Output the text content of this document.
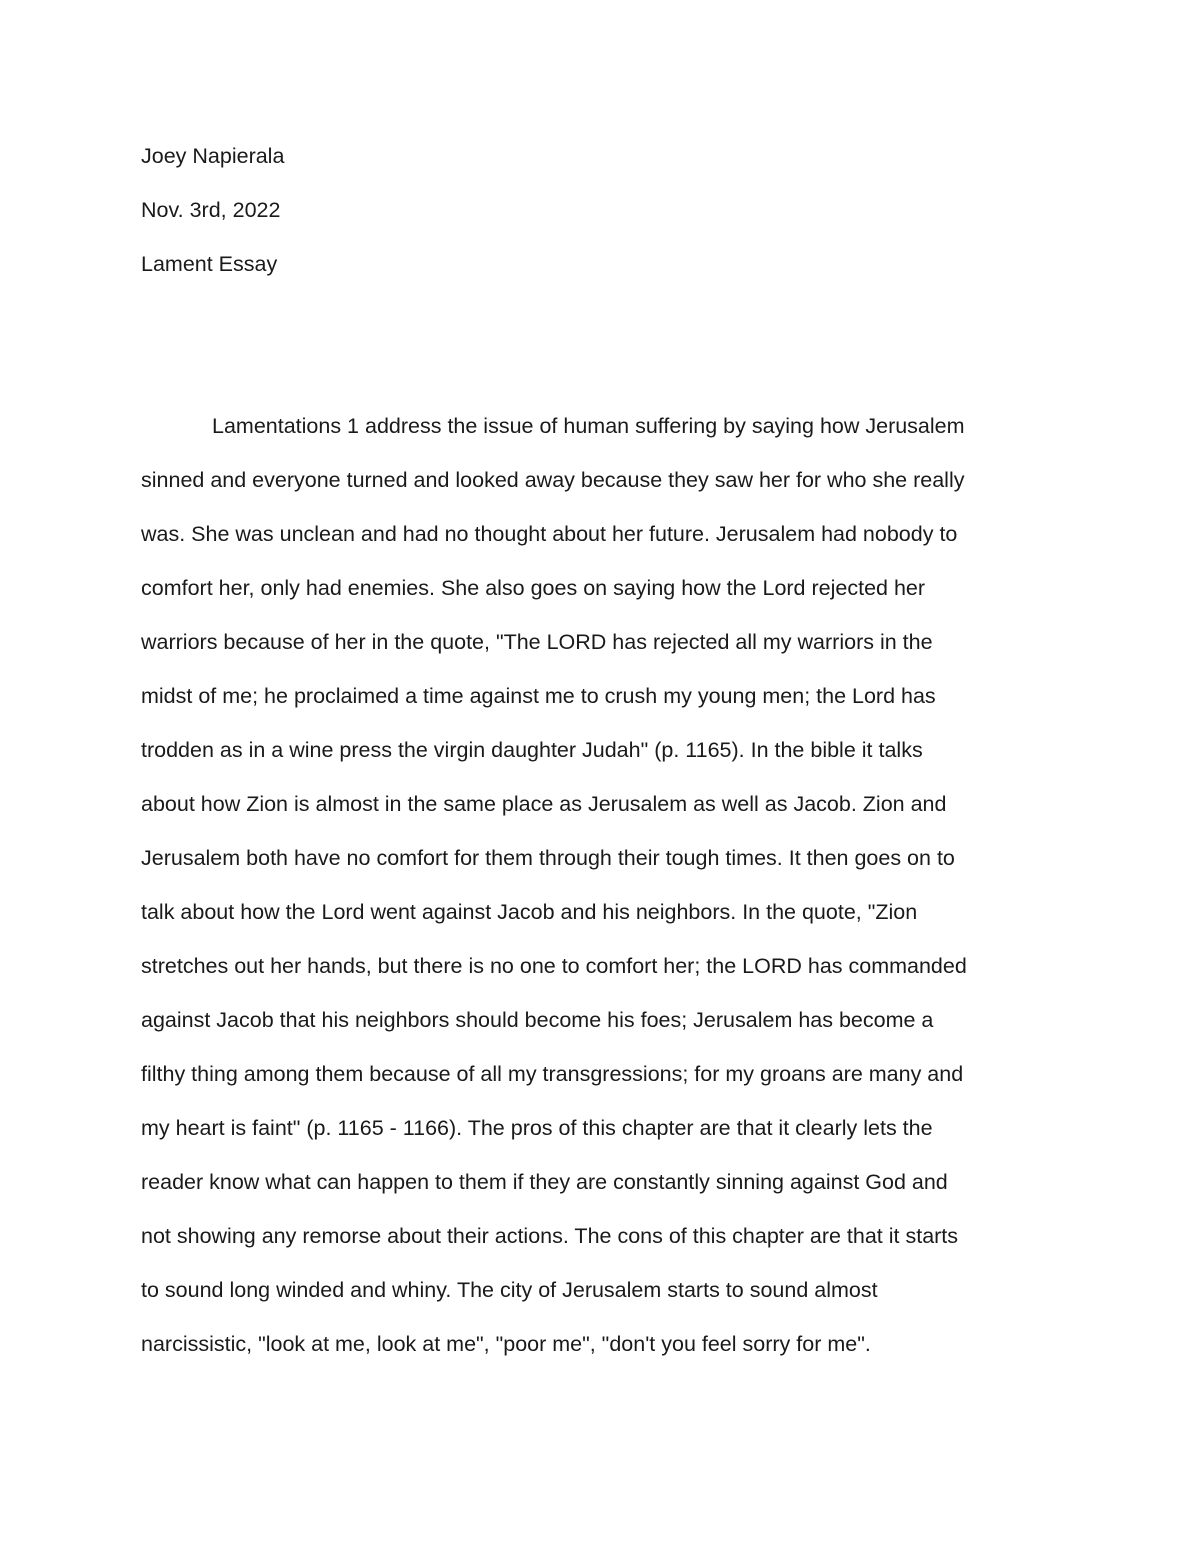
Joey Napierala
Nov. 3rd, 2022
Lament Essay
Lamentations 1 address the issue of human suffering by saying how Jerusalem
sinned and everyone turned and looked away because they saw her for who she really
was. She was unclean and had no thought about her future. Jerusalem had nobody to
comfort her, only had enemies. She also goes on saying how the Lord rejected her
warriors because of her in the quote, "The LORD has rejected all my warriors in the
midst of me; he proclaimed a time against me to crush my young men; the Lord has
trodden as in a wine press the virgin daughter Judah" (p. 1165). In the bible it talks
about how Zion is almost in the same place as Jerusalem as well as Jacob. Zion and
Jerusalem both have no comfort for them through their tough times. It then goes on to
talk about how the Lord went against Jacob and his neighbors. In the quote, "Zion
stretches out her hands, but there is no one to comfort her; the LORD has commanded
against Jacob that his neighbors should become his foes; Jerusalem has become a
filthy thing among them because of all my transgressions; for my groans are many and
my heart is faint" (p. 1165 - 1166). The pros of this chapter are that it clearly lets the
reader know what can happen to them if they are constantly sinning against God and
not showing any remorse about their actions. The cons of this chapter are that it starts
to sound long winded and whiny. The city of Jerusalem starts to sound almost
narcissistic, "look at me, look at me", "poor me", "don't you feel sorry for me".
